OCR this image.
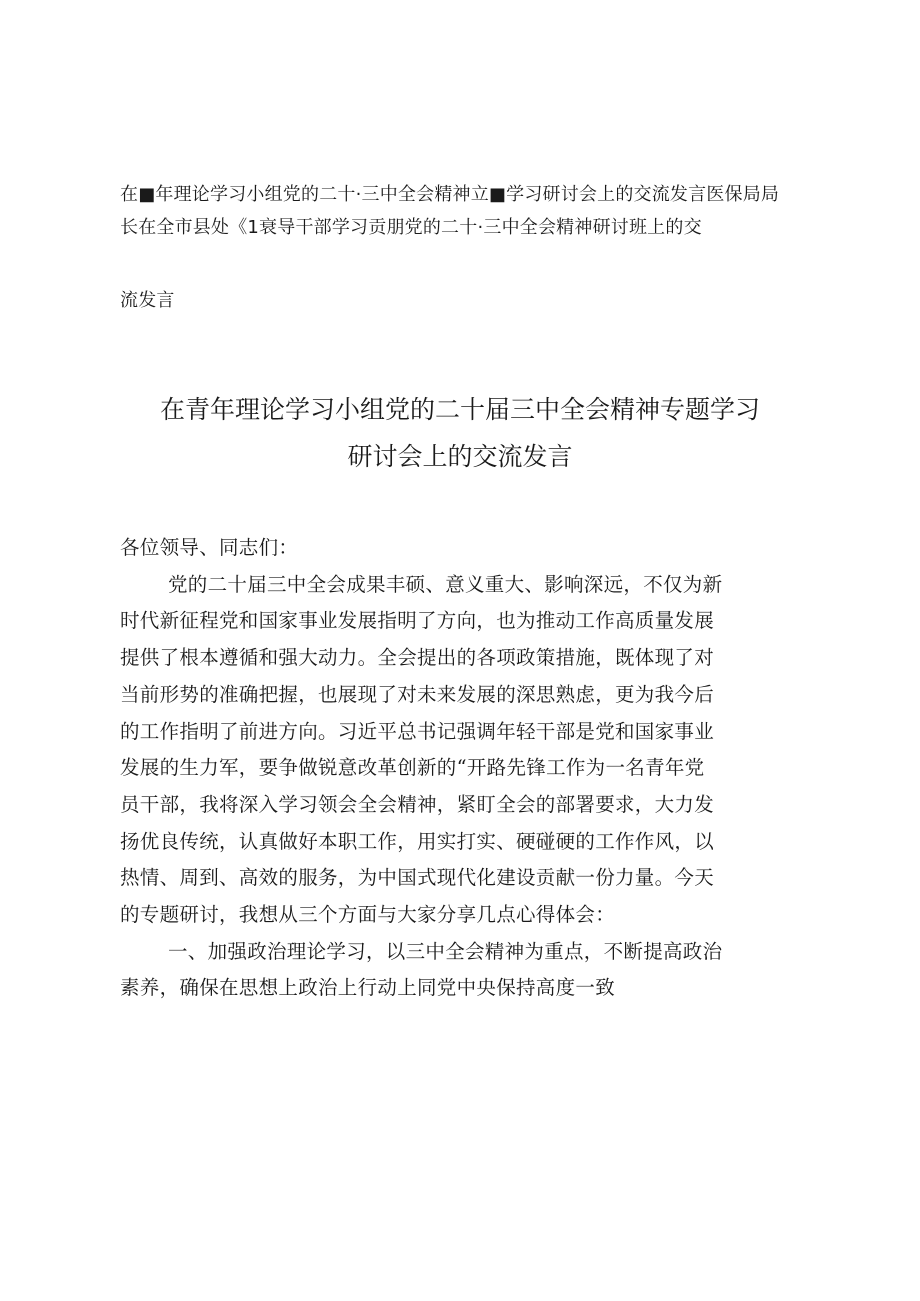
在■年理论学习小组党的二十·三中全会精神立■学习研讨会上的交流发言医保局局
长在全市县处《1衰导干部学习贡朋党的二十·三中全会精神研讨班上的交
流发言
在青年理论学习小组党的二十届三中全会精神专题学习
研讨会上的交流发言
各位领导、同志们：
党的二十届三中全会成果丰硕、意义重大、影响深远，不仅为新
时代新征程党和国家事业发展指明了方向，也为推动工作高质量发展
提供了根本遵循和强大动力。全会提出的各项政策措施，既体现了对
当前形势的准确把握，也展现了对未来发展的深思熟虑，更为我今后
的工作指明了前进方向。习近平总书记强调年轻干部是党和国家事业
发展的生力军，要争做锐意改革创新的“开路先锋工作为一名青年党
员干部，我将深入学习领会全会精神，紧盯全会的部署要求，大力发
扬优良传统，认真做好本职工作，用实打实、硬碰硬的工作作风，以
热情、周到、高效的服务，为中国式现代化建设贡献一份力量。今天
的专题研讨，我想从三个方面与大家分享几点心得体会：
一、加强政治理论学习，以三中全会精神为重点，不断提高政治
素养，确保在思想上政治上行动上同党中央保持高度一致
